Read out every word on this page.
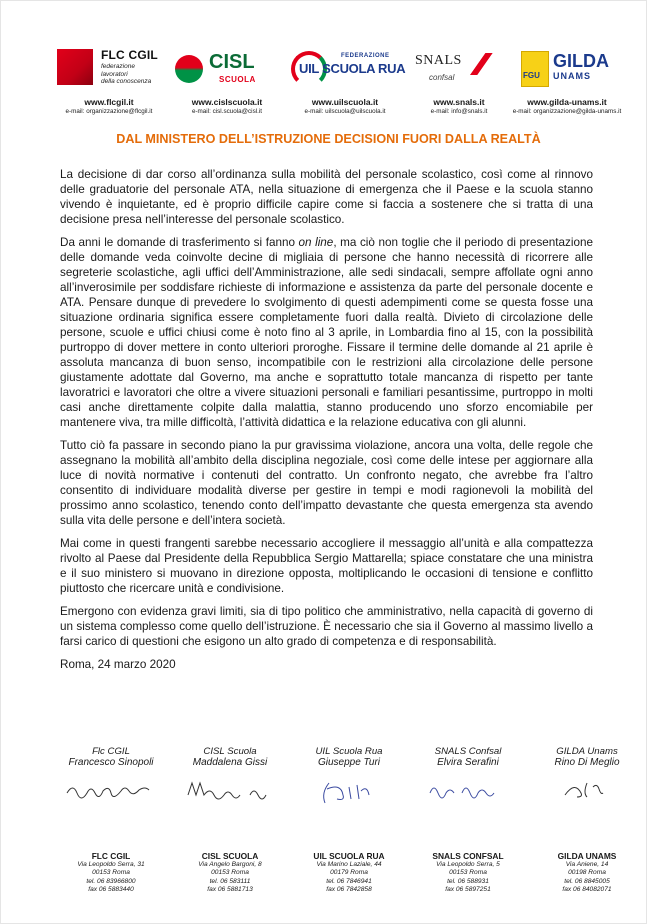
FLC CGIL
federazione
lavoratori
della conoscenza
www.flcgil.it
e-mail: organizzazione@flcgil.it
CISL
SCUOLA
www.cislscuola.it
e-mail: cisl.scuola@cisl.it
FEDERAZIONE
UIL SCUOLA RUA
www.uilscuola.it
e-mail: uilscuola@uilscuola.it
SNALS
confsal
www.snals.it
e-mail: info@snals.it
FGU
GILDA
UNAMS
www.gilda-unams.it
e-mail: organizzazione@gilda-unams.it
DAL MINISTERO DELL’ISTRUZIONE DECISIONI FUORI DALLA REALTÀ

La decisione di dar corso all’ordinanza sulla mobilità del personale scolastico, così come al rinnovo delle graduatorie del personale ATA, nella situazione di emergenza che il Paese e la scuola stanno vivendo è inquietante, ed è proprio difficile capire come si faccia a sostenere che si tratta di una decisione presa nell’interesse del personale scolastico.

Da anni le domande di trasferimento si fanno on line, ma ciò non toglie che il periodo di presentazione delle domande veda coinvolte decine di migliaia di persone che hanno necessità di ricorrere alle segreterie scolastiche, agli uffici dell’Amministrazione, alle sedi sindacali, sempre affollate ogni anno all’inverosimile per soddisfare richieste di informazione e assistenza da parte del personale docente e ATA. Pensare dunque di prevedere lo svolgimento di questi adempimenti come se questa fosse una situazione ordinaria significa essere completamente fuori dalla realtà. Divieto di circolazione delle persone, scuole e uffici chiusi come è noto fino al 3 aprile, in Lombardia fino al 15, con la possibilità purtroppo di dover mettere in conto ulteriori proroghe. Fissare il termine delle domande al 21 aprile è assoluta mancanza di buon senso, incompatibile con le restrizioni alla circolazione delle persone giustamente adottate dal Governo, ma anche e soprattutto totale mancanza di rispetto per tante lavoratrici e lavoratori che oltre a vivere situazioni personali e familiari pesantissime, purtroppo in molti casi anche direttamente colpite dalla malattia, stanno producendo uno sforzo encomiabile per mantenere viva, tra mille difficoltà, l’attività didattica e la relazione educativa con gli alunni.

Tutto ciò fa passare in secondo piano la pur gravissima violazione, ancora una volta, delle regole che assegnano la mobilità all’ambito della disciplina negoziale, così come delle intese per aggiornare alla luce di novità normative i contenuti del contratto. Un confronto negato, che avrebbe fra l’altro consentito di individuare modalità diverse per gestire in tempi e modi ragionevoli la mobilità del prossimo anno scolastico, tenendo conto dell’impatto devastante che questa emergenza sta avendo sulla vita delle persone e dell’intera società.

Mai come in questi frangenti sarebbe necessario accogliere il messaggio all’unità e alla compattezza rivolto al Paese dal Presidente della Repubblica Sergio Mattarella; spiace constatare che una ministra e il suo ministero si muovano in direzione opposta, moltiplicando le occasioni di tensione e conflitto piuttosto che ricercare unità e condivisione.

Emergono con evidenza gravi limiti, sia di tipo politico che amministrativo, nella capacità di governo di un sistema complesso come quello dell’istruzione. È necessario che sia il Governo al massimo livello a farsi carico di questioni che esigono un alto grado di competenza e di responsabilità.

Roma, 24 marzo 2020

Flc CGIL
Francesco Sinopoli
CISL Scuola
Maddalena Gissi
UIL Scuola Rua
Giuseppe Turi
SNALS Confsal
Elvira Serafini
GILDA Unams
Rino Di Meglio
FLC CGIL
Via Leopoldo Serra, 31
00153 Roma
tel. 06 83966800
fax 06 5883440
CISL SCUOLA
Via Angelo Bargoni, 8
00153 Roma
tel. 06 583111
fax 06 5881713
UIL SCUOLA RUA
Via Marino Laziale, 44
00179 Roma
tel. 06 7846941
fax 06 7842858
SNALS CONFSAL
Via Leopoldo Serra, 5
00153 Roma
tel. 06 588931
fax 06 5897251
GILDA UNAMS
Via Aniene, 14
00198 Roma
tel. 06 8845005
fax 06 84082071
